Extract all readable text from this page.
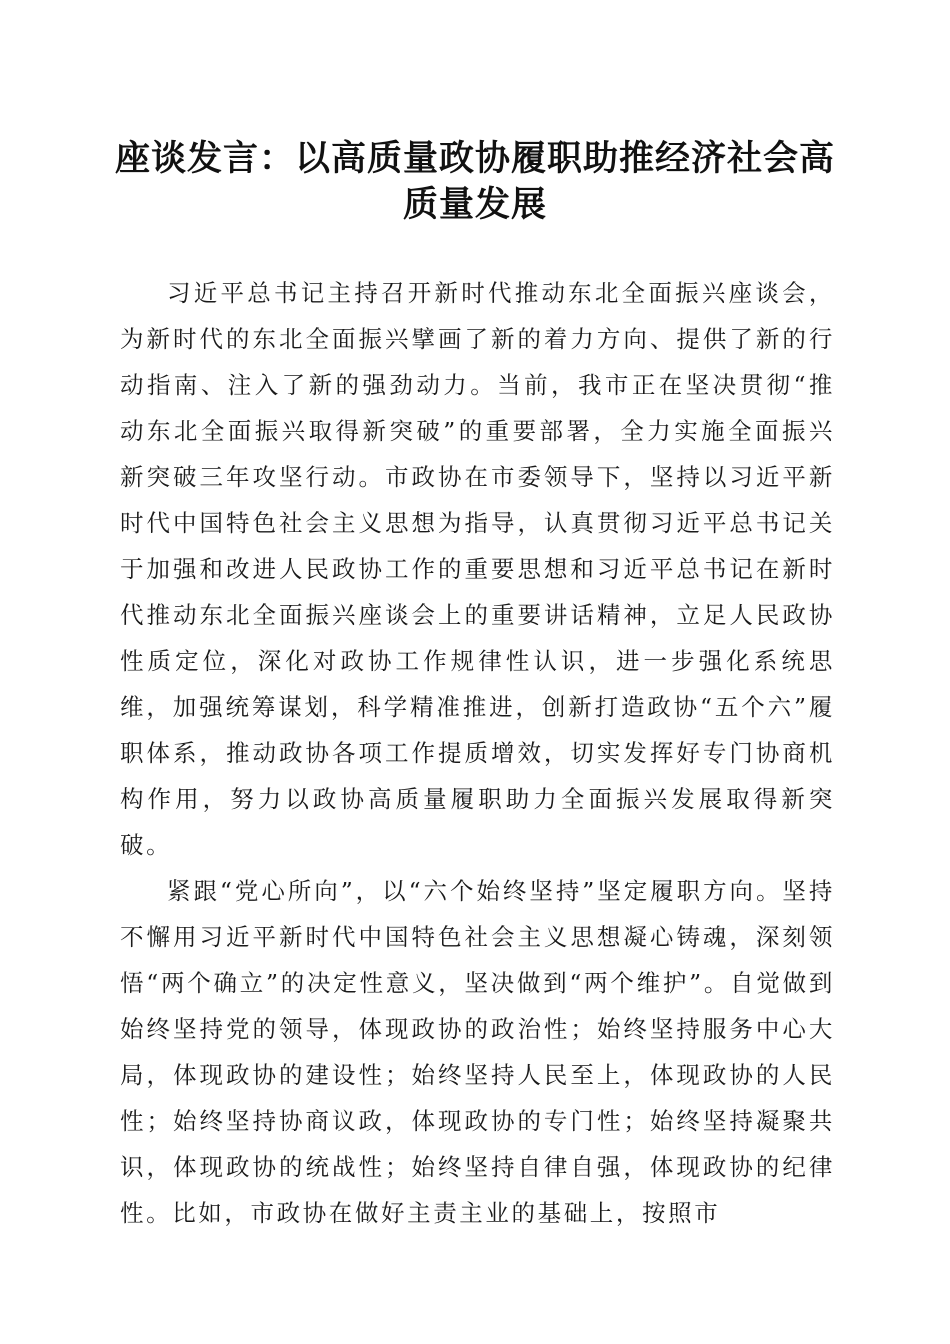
座谈发言：以高质量政协履职助推经济社会高质量发展

习近平总书记主持召开新时代推动东北全面振兴座谈会，为新时代的东北全面振兴擘画了新的着力方向、提供了新的行动指南、注入了新的强劲动力。当前，我市正在坚决贯彻“推动东北全面振兴取得新突破”的重要部署，全力实施全面振兴新突破三年攻坚行动。市政协在市委领导下，坚持以习近平新时代中国特色社会主义思想为指导，认真贯彻习近平总书记关于加强和改进人民政协工作的重要思想和习近平总书记在新时代推动东北全面振兴座谈会上的重要讲话精神，立足人民政协性质定位，深化对政协工作规律性认识，进一步强化系统思维，加强统筹谋划，科学精准推进，创新打造政协“五个六”履职体系，推动政协各项工作提质增效，切实发挥好专门协商机构作用，努力以政协高质量履职助力全面振兴发展取得新突破。

紧跟“党心所向”，以“六个始终坚持”坚定履职方向。坚持不懈用习近平新时代中国特色社会主义思想凝心铸魂，深刻领悟“两个确立”的决定性意义，坚决做到“两个维护”。自觉做到始终坚持党的领导，体现政协的政治性；始终坚持服务中心大局，体现政协的建设性；始终坚持人民至上，体现政协的人民性；始终坚持协商议政，体现政协的专门性；始终坚持凝聚共识，体现政协的统战性；始终坚持自律自强，体现政协的纪律性。比如，市政协在做好主责主业的基础上，按照市
